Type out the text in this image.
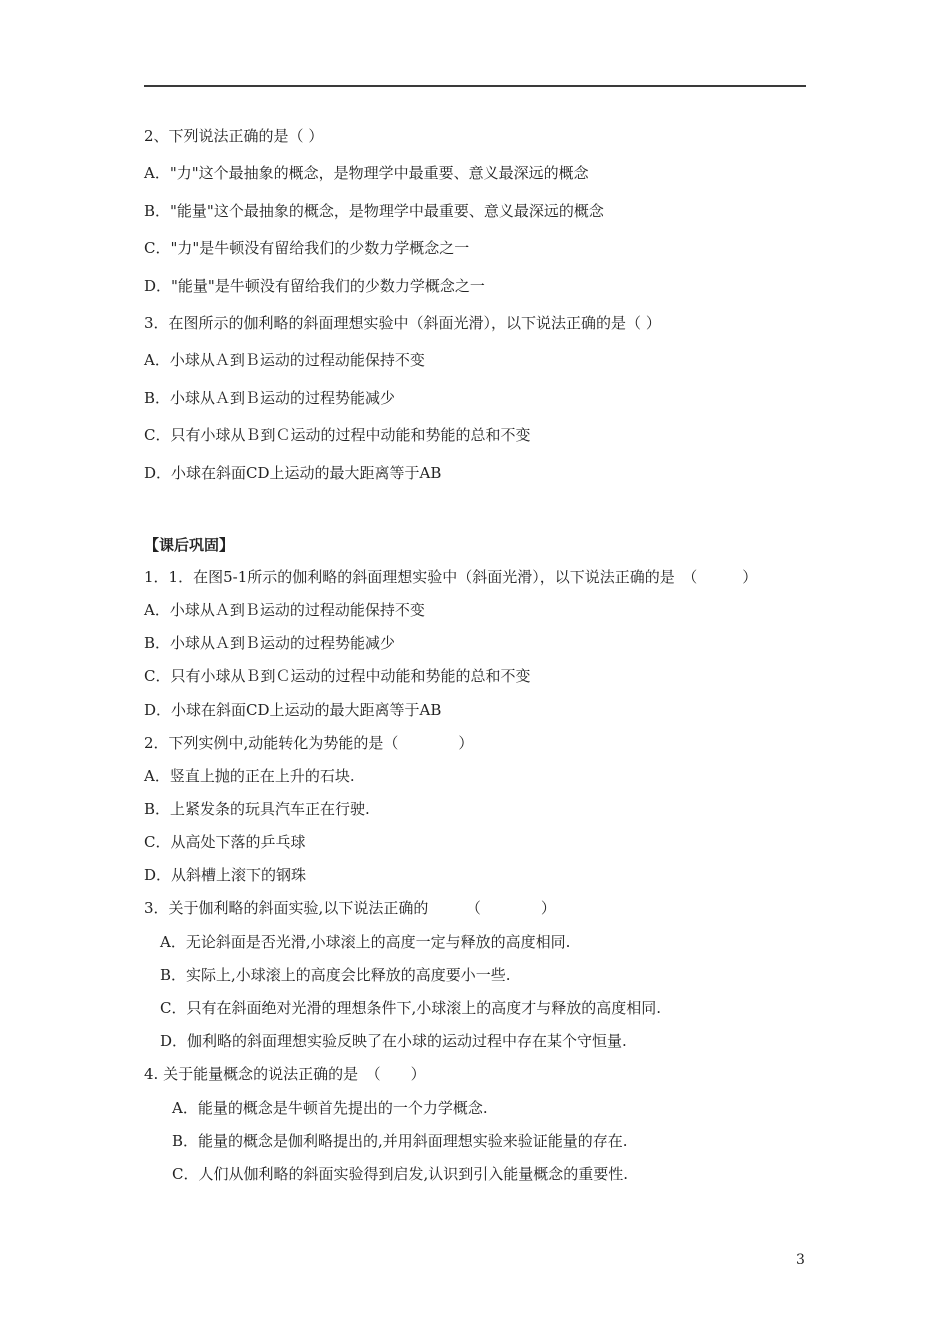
2、下列说法正确的是（ ）
A．"力"这个最抽象的概念，是物理学中最重要、意义最深远的概念
B．"能量"这个最抽象的概念，是物理学中最重要、意义最深远的概念
C．"力"是牛顿没有留给我们的少数力学概念之一
D．"能量"是牛顿没有留给我们的少数力学概念之一
3．在图所示的伽利略的斜面理想实验中（斜面光滑），以下说法正确的是（ ）
A．小球从Ａ到Ｂ运动的过程动能保持不变
B．小球从Ａ到Ｂ运动的过程势能减少
C．只有小球从Ｂ到Ｃ运动的过程中动能和势能的总和不变
D．小球在斜面CD上运动的最大距离等于AB
【课后巩固】
1．1．在图5-1所示的伽利略的斜面理想实验中（斜面光滑），以下说法正确的是　（　　　）
A．小球从Ａ到Ｂ运动的过程动能保持不变
B．小球从Ａ到Ｂ运动的过程势能减少
C．只有小球从Ｂ到Ｃ运动的过程中动能和势能的总和不变
D．小球在斜面CD上运动的最大距离等于AB
2．下列实例中,动能转化为势能的是（　　　　）
A．竖直上抛的正在上升的石块.
B．上紧发条的玩具汽车正在行驶.
C．从高处下落的乒乓球
D．从斜槽上滚下的钢珠
3．关于伽利略的斜面实验,以下说法正确的　　　（　　　　）
A．无论斜面是否光滑,小球滚上的高度一定与释放的高度相同.
B．实际上,小球滚上的高度会比释放的高度要小一些.
C．只有在斜面绝对光滑的理想条件下,小球滚上的高度才与释放的高度相同.
D．伽利略的斜面理想实验反映了在小球的运动过程中存在某个守恒量.
4. 关于能量概念的说法正确的是　（　　）
A．能量的概念是牛顿首先提出的一个力学概念.
B．能量的概念是伽利略提出的,并用斜面理想实验来验证能量的存在.
C．人们从伽利略的斜面实验得到启发,认识到引入能量概念的重要性.
3
